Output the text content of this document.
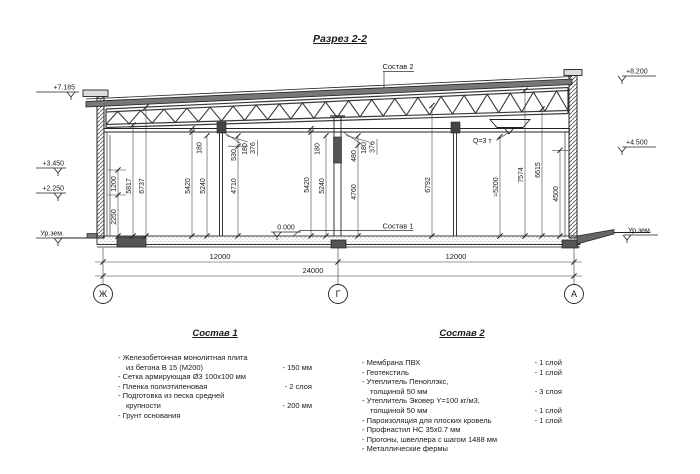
Разрез 2-2
+7.185
+3.450
+2.250
Ур.зем.
+8.200
+4.500
Ур.зем.
0.000
Q=3 т
Состав 2
Состав 1
12000	12000
24000
Ж	Г	А
1200
2250
5817 6737	5420
180
5240
530
180 376
4710
180
5420 5240
480
180 376
4760	6792	≈5200
7574 6615
4500
Состав 1
- Железобетонная монолитная плита
из бетона В 15 (М200)	- 150 мм
- Сетка армирующая Ø3 100х100 мм
- Пленка полиэтиленовая	- 2 слоя
- Подготовка из песка средней
крупности	- 200 мм
- Грунт основания
Состав 2
- Мембрана ПВХ	- 1 слой
- Геотекстиль	- 1 слой
- Утеплитель Пеноплэкс,
толщиной 50 мм	- 3 слоя
- Утеплитель Эковер Y=100 кг/м3,
толщиной 50 мм	- 1 слой
- Пароизоляция для плоских кровель	- 1 слой
- Профнастил НС 35х0.7 мм
- Прогоны, швеллера с шагом 1488 мм
- Металлические фермы
